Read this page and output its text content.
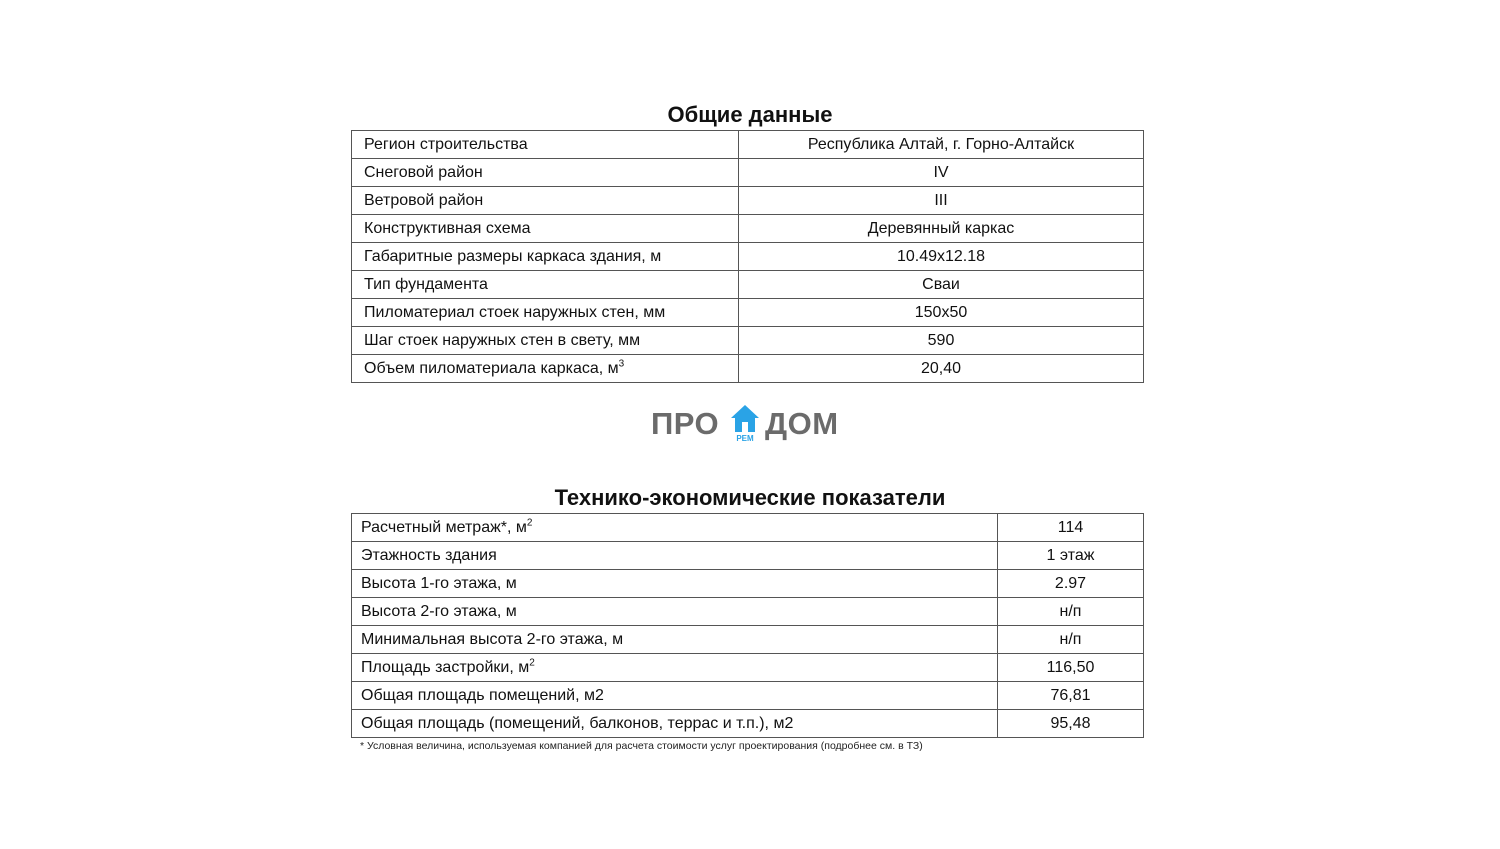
Общие данные
Регион строительства	Республика Алтай, г. Горно-Алтайск
Снеговой район	IV
Ветровой район	III
Конструктивная схема	Деревянный каркас
Габаритные размеры каркаса здания, м	10.49x12.18
Тип фундамента	Сваи
Пиломатериал стоек наружных стен, мм	150x50
Шаг стоек наружных стен в свету, мм	590
Объем пиломатериала каркаса, $м^3$	20,40
ПРО	РЕМ ДОМ
Технико-экономические показатели
Расчетный метраж*, $м^2$	114
Этажность здания	1 этаж
Высота 1-го этажа, м	2.97
Высота 2-го этажа, м	н/п
Минимальная высота 2-го этажа, м	н/п
Площадь застройки, $м^2$	116,50
Общая площадь помещений, м2	76,81
Общая площадь (помещений, балконов, террас и т.п.), м2	95,48
* Условная величина, используемая компанией для расчета стоимости услуг проектирования (подробнее см. в ТЗ)
